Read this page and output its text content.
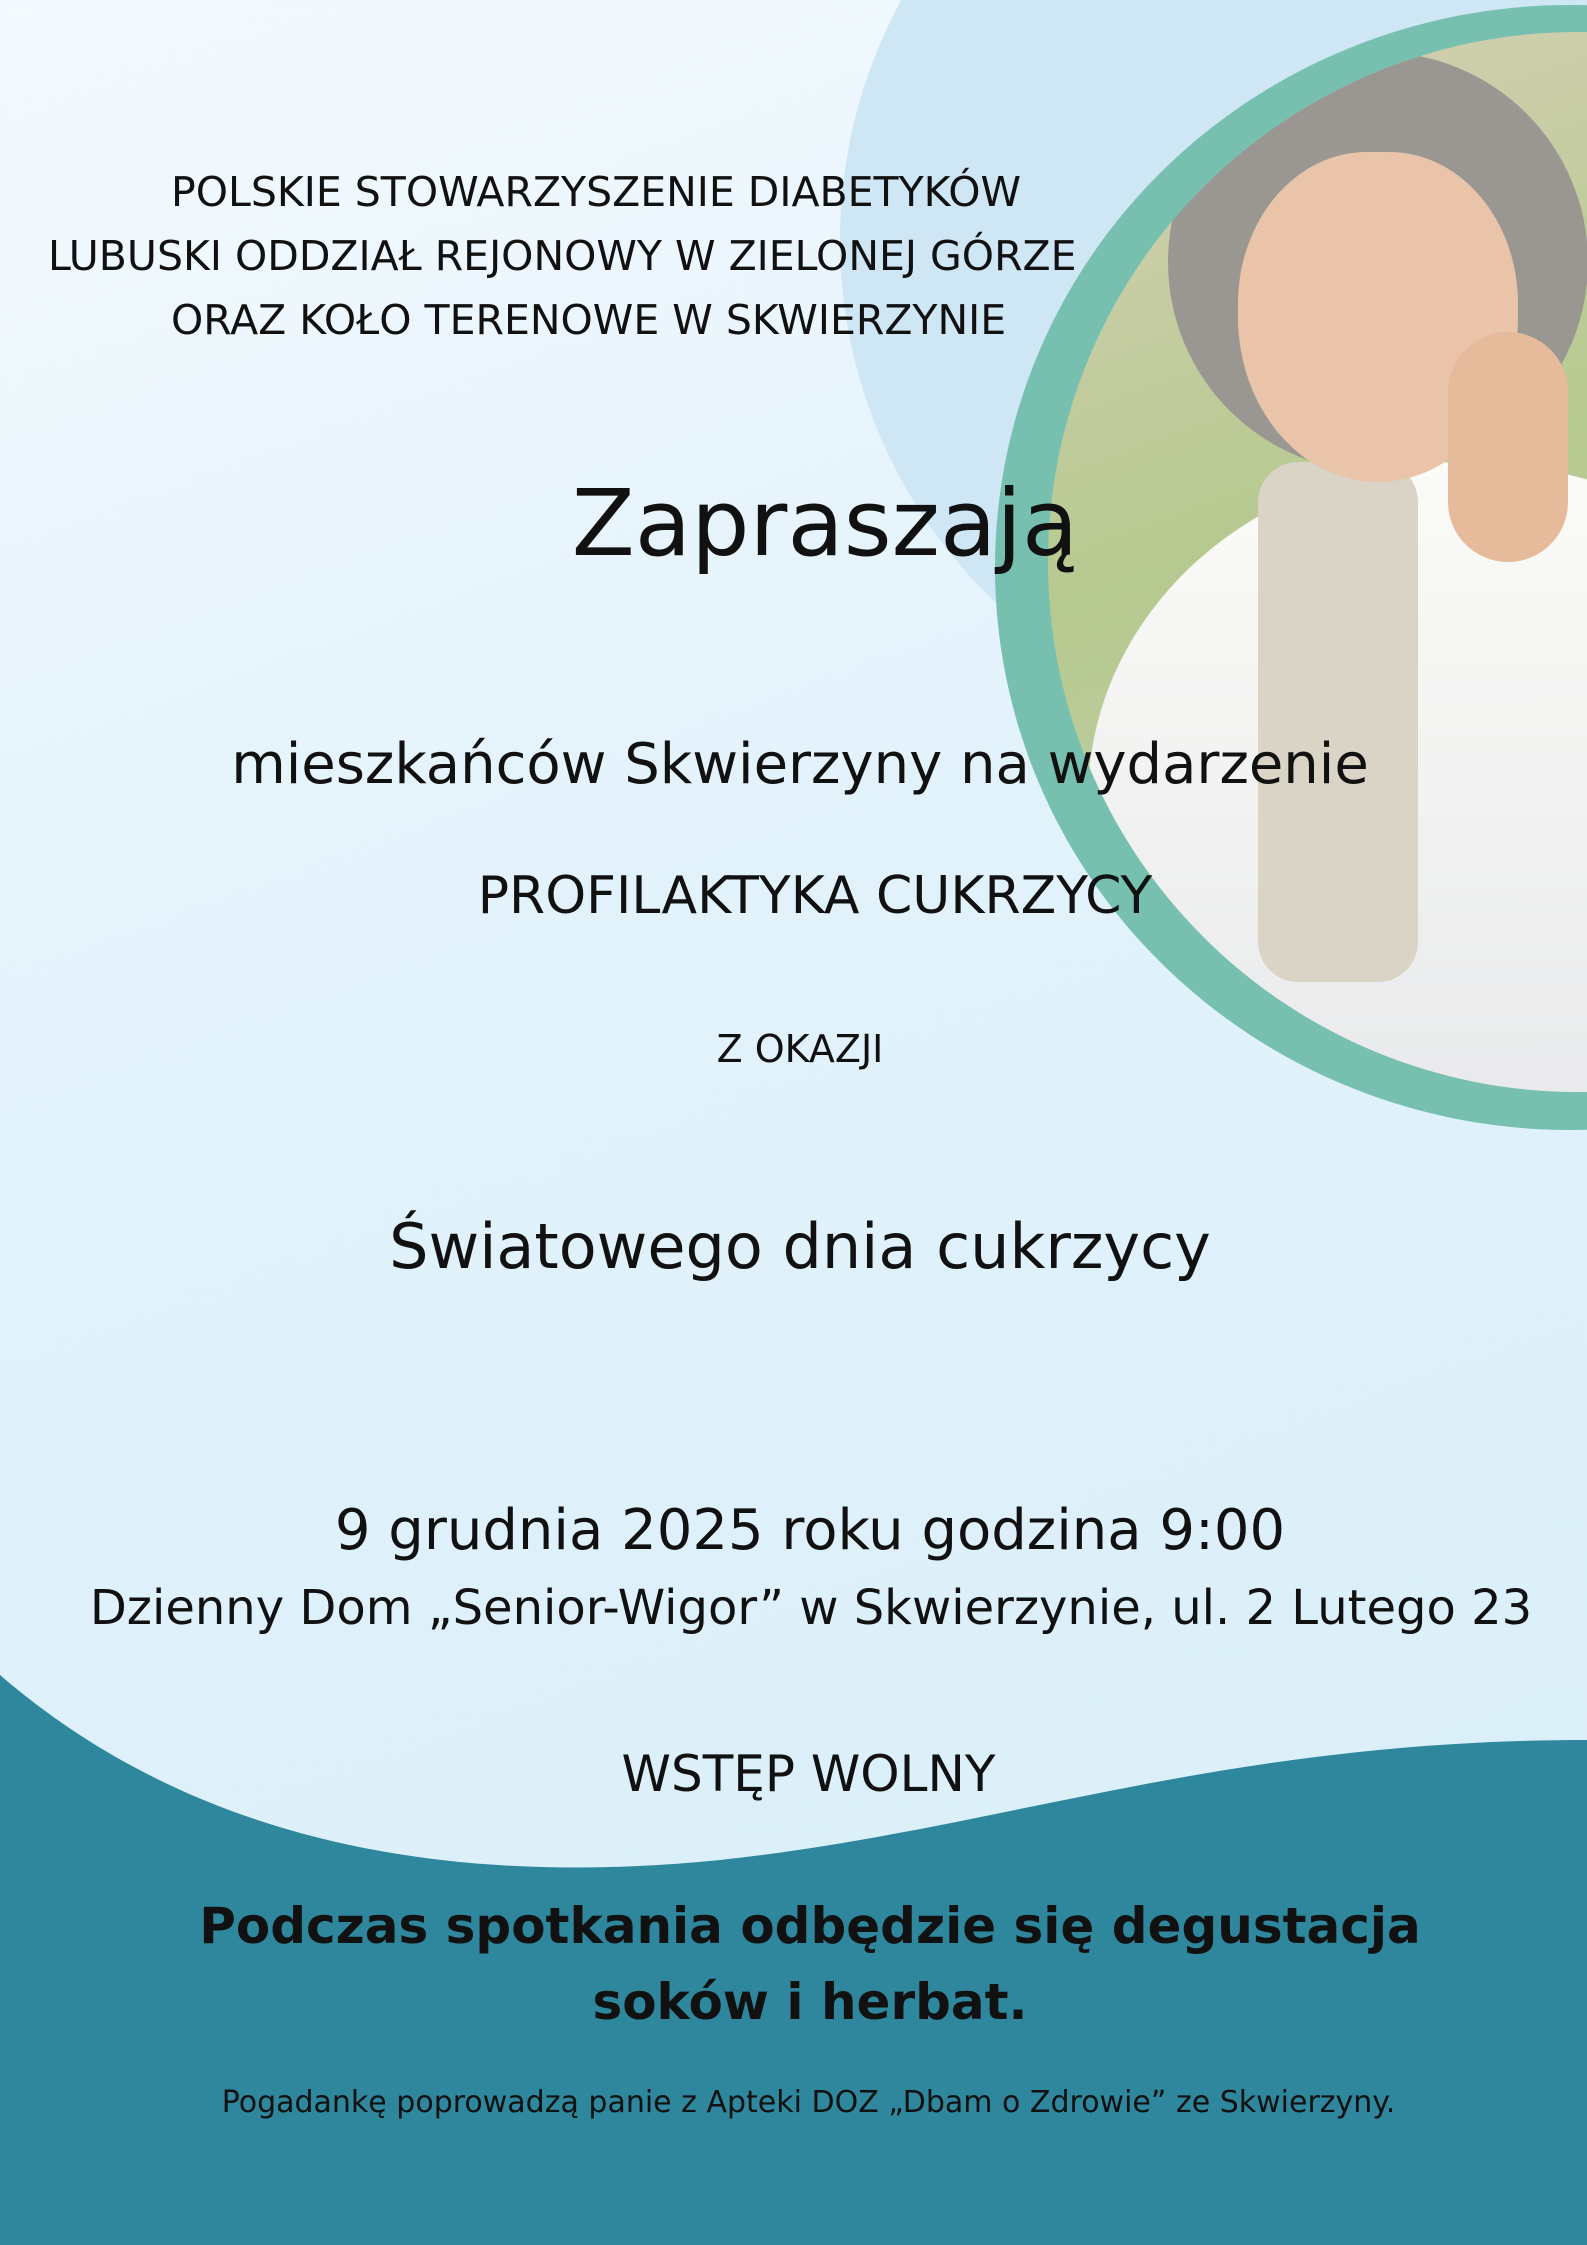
POLSKIE STOWARZYSZENIE DIABETYKÓW

LUBUSKI ODDZIAŁ REJONOWY W ZIELONEJ GÓRZE

ORAZ KOŁO TERENOWE W SKWIERZYNIE

Zapraszają

mieszkańców Skwierzyny na wydarzenie

PROFILAKTYKA CUKRZYCY

Z OKAZJI

Światowego dnia cukrzycy

9 grudnia 2025 roku godzina 9:00

Dzienny Dom „Senior-Wigor” w Skwierzynie, ul. 2 Lutego 23

WSTĘP WOLNY

Podczas spotkania odbędzie się degustacja soków i herbat.

Pogadankę poprowadzą panie z Apteki DOZ „Dbam o Zdrowie” ze Skwierzyny.
